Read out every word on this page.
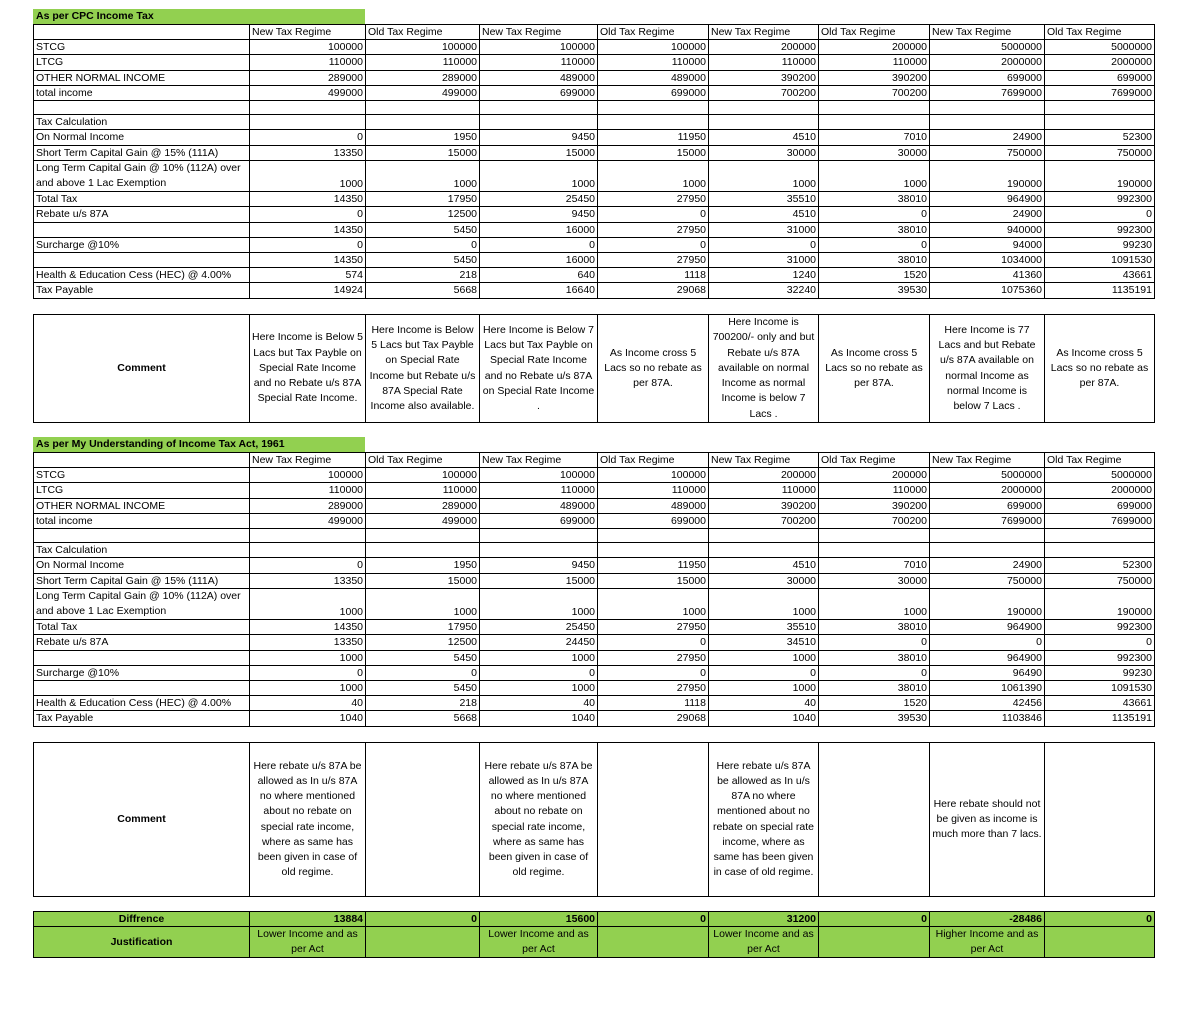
As per CPC Income Tax
	New Tax Regime	Old Tax Regime	New Tax Regime	Old Tax Regime	New Tax Regime	Old Tax Regime	New Tax Regime	Old Tax Regime
STCG	100000	100000	100000	100000	200000	200000	5000000	5000000
LTCG	110000	110000	110000	110000	110000	110000	2000000	2000000
OTHER NORMAL INCOME	289000	289000	489000	489000	390200	390200	699000	699000
total income	499000	499000	699000	699000	700200	700200	7699000	7699000

Tax Calculation								
On Normal Income	0	1950	9450	11950	4510	7010	24900	52300
Short Term Capital Gain @ 15% (111A)	13350	15000	15000	15000	30000	30000	750000	750000
Long Term Capital Gain @ 10% (112A) over and above 1 Lac Exemption	1000	1000	1000	1000	1000	1000	190000	190000
Total Tax	14350	17950	25450	27950	35510	38010	964900	992300
Rebate u/s 87A	0	12500	9450	0	4510	0	24900	0
	14350	5450	16000	27950	31000	38010	940000	992300
Surcharge @10%	0	0	0	0	0	0	94000	99230
	14350	5450	16000	27950	31000	38010	1034000	1091530
Health & Education Cess (HEC) @ 4.00%	574	218	640	1118	1240	1520	41360	43661
Tax Payable	14924	5668	16640	29068	32240	39530	1075360	1135191
Comment	Here Income is Below 5 Lacs but Tax Payble on Special Rate Income and no Rebate u/s 87A Special Rate Income.	Here Income is Below 5 Lacs but Tax Payble on Special Rate Income but Rebate u/s 87A Special Rate Income also available.	Here Income is Below 7 Lacs but Tax Payble on Special Rate Income and no Rebate u/s 87A on Special Rate Income .	As Income cross 5 Lacs so no rebate as per 87A.	Here Income is 700200/- only and but Rebate u/s 87A available on normal Income as normal Income is below 7 Lacs .	As Income cross 5 Lacs so no rebate as per 87A.	Here Income is 77 Lacs and but Rebate u/s 87A available on normal Income as normal Income is below 7 Lacs .	As Income cross 5 Lacs so no rebate as per 87A.
As per My Understanding of Income Tax Act, 1961
	New Tax Regime	Old Tax Regime	New Tax Regime	Old Tax Regime	New Tax Regime	Old Tax Regime	New Tax Regime	Old Tax Regime
STCG	100000	100000	100000	100000	200000	200000	5000000	5000000
LTCG	110000	110000	110000	110000	110000	110000	2000000	2000000
OTHER NORMAL INCOME	289000	289000	489000	489000	390200	390200	699000	699000
total income	499000	499000	699000	699000	700200	700200	7699000	7699000

Tax Calculation								
On Normal Income	0	1950	9450	11950	4510	7010	24900	52300
Short Term Capital Gain @ 15% (111A)	13350	15000	15000	15000	30000	30000	750000	750000
Long Term Capital Gain @ 10% (112A) over and above 1 Lac Exemption	1000	1000	1000	1000	1000	1000	190000	190000
Total Tax	14350	17950	25450	27950	35510	38010	964900	992300
Rebate u/s 87A	13350	12500	24450	0	34510	0	0	0
	1000	5450	1000	27950	1000	38010	964900	992300
Surcharge @10%	0	0	0	0	0	0	96490	99230
	1000	5450	1000	27950	1000	38010	1061390	1091530
Health & Education Cess (HEC) @ 4.00%	40	218	40	1118	40	1520	42456	43661
Tax Payable	1040	5668	1040	29068	1040	39530	1103846	1135191
Comment	Here rebate u/s 87A be allowed as In u/s 87A no where mentioned about no rebate on special rate income, where as same has been given in case of old regime.		Here rebate u/s 87A be allowed as In u/s 87A no where mentioned about no rebate on special rate income, where as same has been given in case of old regime.		Here rebate u/s 87A be allowed as In u/s 87A no where mentioned about no rebate on special rate income, where as same has been given in case of old regime.		Here rebate should not be given as income is much more than 7 lacs.	
Diffrence	13884	0	15600	0	31200	0	-28486	0
Justification	Lower Income and as per Act		Lower Income and as per Act		Lower Income and as per Act		Higher Income and as per Act	
